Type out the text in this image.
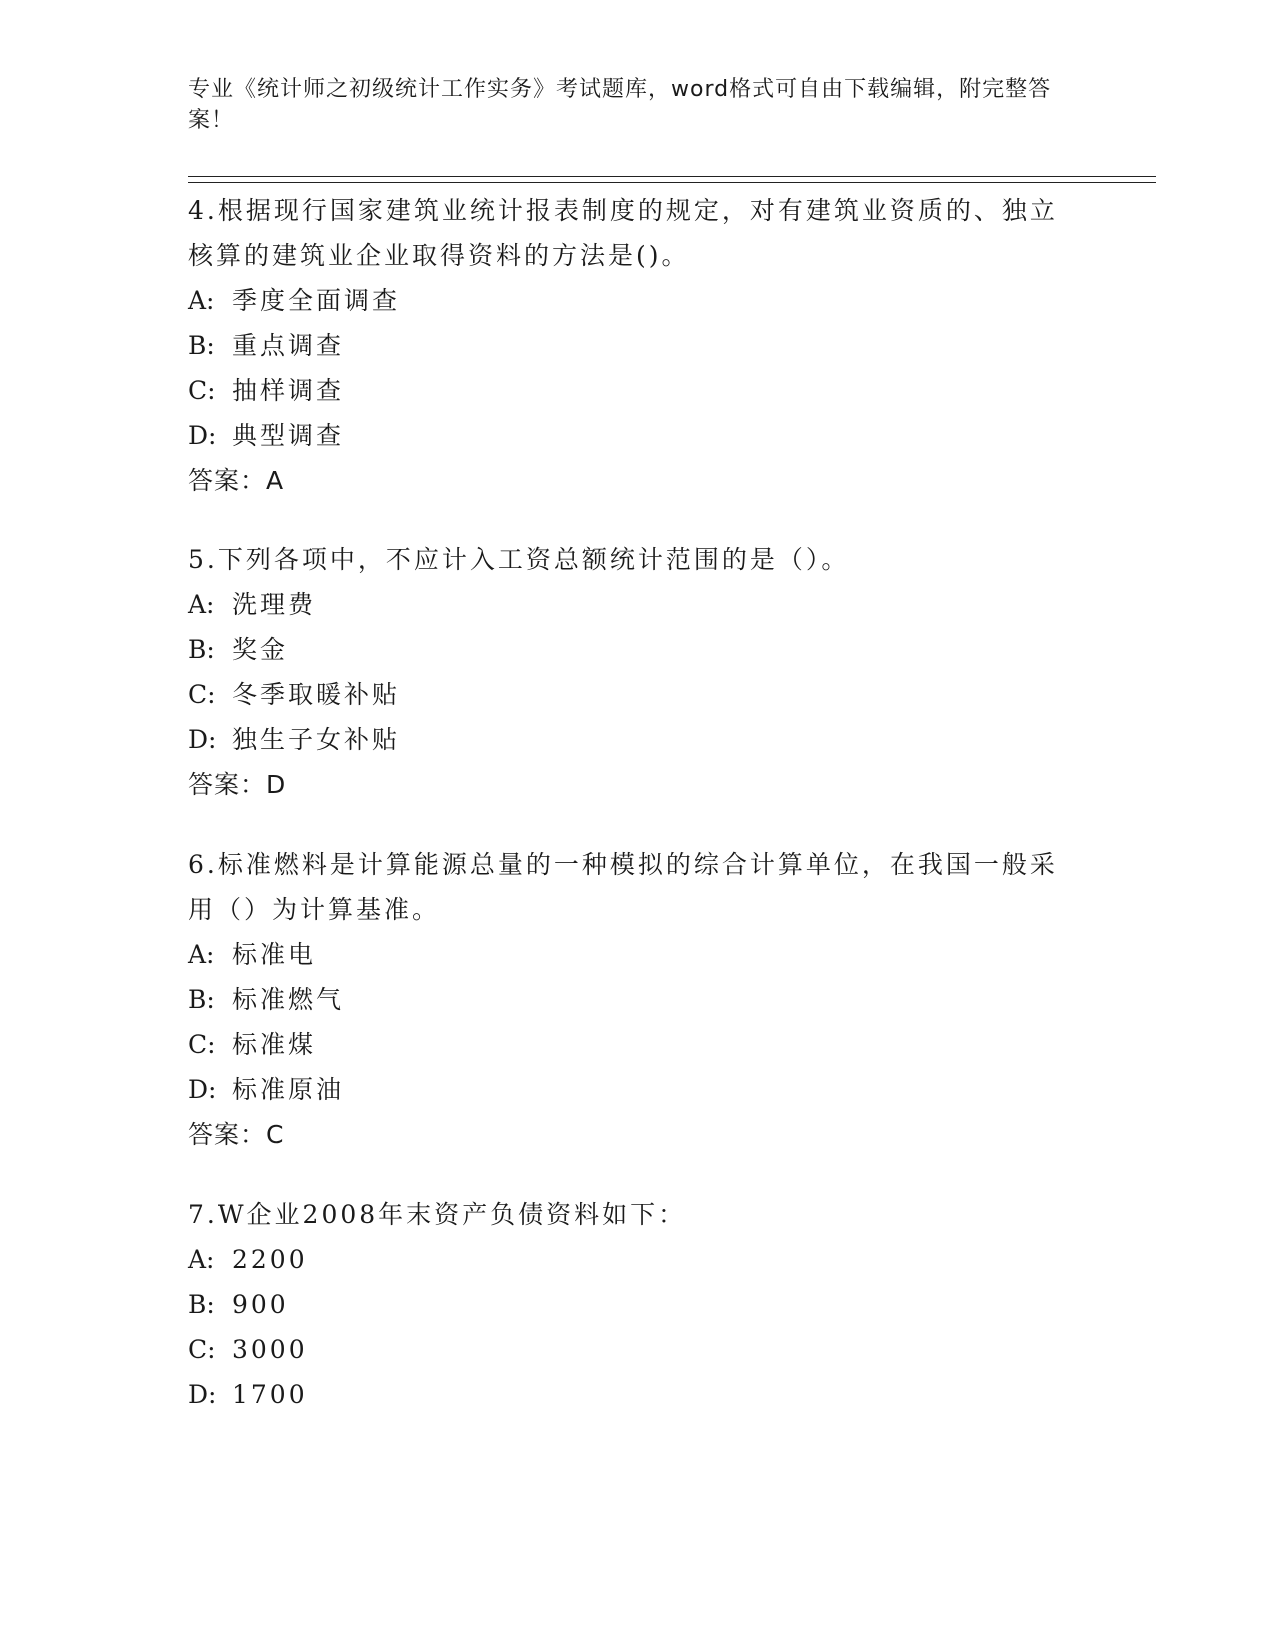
专业《统计师之初级统计工作实务》考试题库，word格式可自由下载编辑，附完整答案！

4.根据现行国家建筑业统计报表制度的规定，对有建筑业资质的、独立核算的建筑业企业取得资料的方法是()。

A: 季度全面调查
B: 重点调查
C: 抽样调查
D: 典型调查

答案：A

5.下列各项中，不应计入工资总额统计范围的是（）。

A: 洗理费
B: 奖金
C: 冬季取暖补贴
D: 独生子女补贴

答案：D

6.标准燃料是计算能源总量的一种模拟的综合计算单位，在我国一般采用（）为计算基准。

A: 标准电
B: 标准燃气
C: 标准煤
D: 标准原油

答案：C

7.W企业2008年末资产负债资料如下：

A: 2200
B: 900
C: 3000
D: 1700
